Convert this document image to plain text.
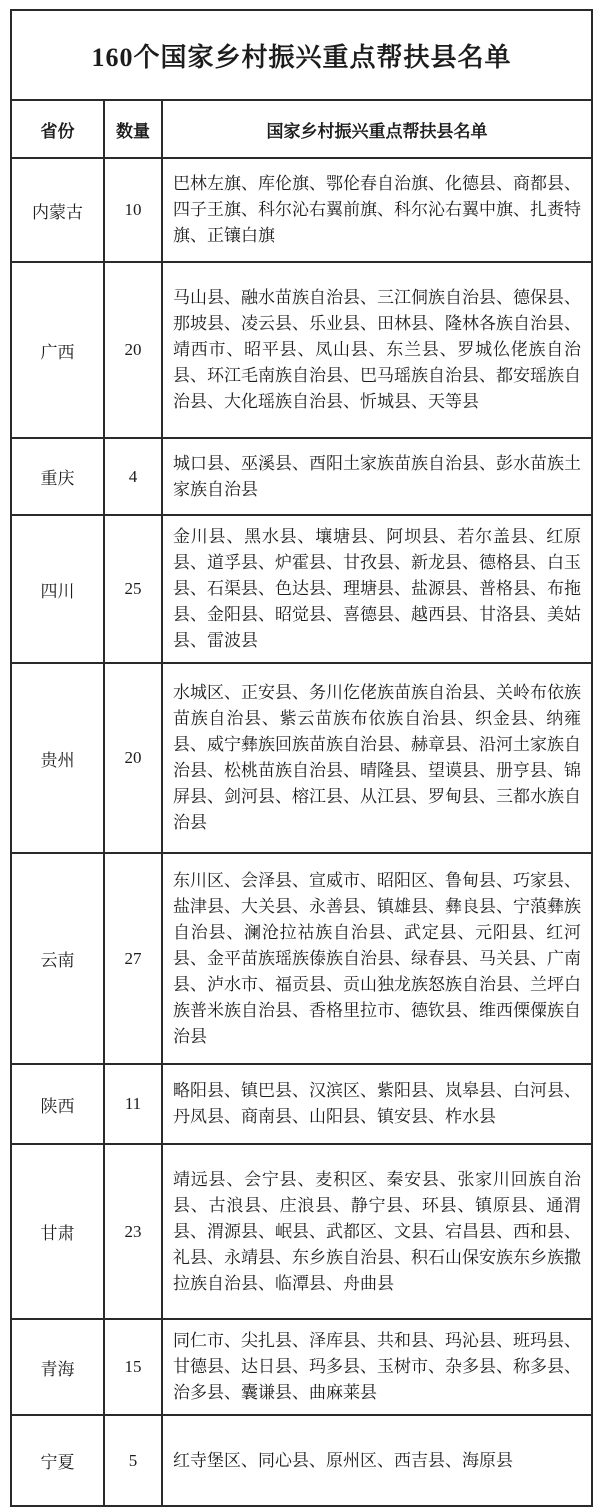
160个国家乡村振兴重点帮扶县名单		
省份	数量	国家乡村振兴重点帮扶县名单
内蒙古	10	巴林左旗、库伦旗、鄂伦春自治旗、化德县、商都县、四子王旗、科尔沁右翼前旗、科尔沁右翼中旗、扎赉特旗、正镶白旗
广西	20	马山县、融水苗族自治县、三江侗族自治县、德保县、那坡县、凌云县、乐业县、田林县、隆林各族自治县、靖西市、昭平县、凤山县、东兰县、罗城仫佬族自治县、环江毛南族自治县、巴马瑶族自治县、都安瑶族自治县、大化瑶族自治县、忻城县、天等县
重庆	4	城口县、巫溪县、酉阳土家族苗族自治县、彭水苗族土家族自治县
四川	25	金川县、黑水县、壤塘县、阿坝县、若尔盖县、红原县、道孚县、炉霍县、甘孜县、新龙县、德格县、白玉县、石渠县、色达县、理塘县、盐源县、普格县、布拖县、金阳县、昭觉县、喜德县、越西县、甘洛县、美姑县、雷波县
贵州	20	水城区、正安县、务川仡佬族苗族自治县、关岭布依族苗族自治县、紫云苗族布依族自治县、织金县、纳雍县、威宁彝族回族苗族自治县、赫章县、沿河土家族自治县、松桃苗族自治县、晴隆县、望谟县、册亨县、锦屏县、剑河县、榕江县、从江县、罗甸县、三都水族自治县
云南	27	东川区、会泽县、宣威市、昭阳区、鲁甸县、巧家县、盐津县、大关县、永善县、镇雄县、彝良县、宁蒗彝族自治县、澜沧拉祜族自治县、武定县、元阳县、红河县、金平苗族瑶族傣族自治县、绿春县、马关县、广南县、泸水市、福贡县、贡山独龙族怒族自治县、兰坪白族普米族自治县、香格里拉市、德钦县、维西傈僳族自治县
陕西	11	略阳县、镇巴县、汉滨区、紫阳县、岚皋县、白河县、丹凤县、商南县、山阳县、镇安县、柞水县
甘肃	23	靖远县、会宁县、麦积区、秦安县、张家川回族自治县、古浪县、庄浪县、静宁县、环县、镇原县、通渭县、渭源县、岷县、武都区、文县、宕昌县、西和县、礼县、永靖县、东乡族自治县、积石山保安族东乡族撒拉族自治县、临潭县、舟曲县
青海	15	同仁市、尖扎县、泽库县、共和县、玛沁县、班玛县、甘德县、达日县、玛多县、玉树市、杂多县、称多县、治多县、囊谦县、曲麻莱县
宁夏	5	红寺堡区、同心县、原州区、西吉县、海原县
